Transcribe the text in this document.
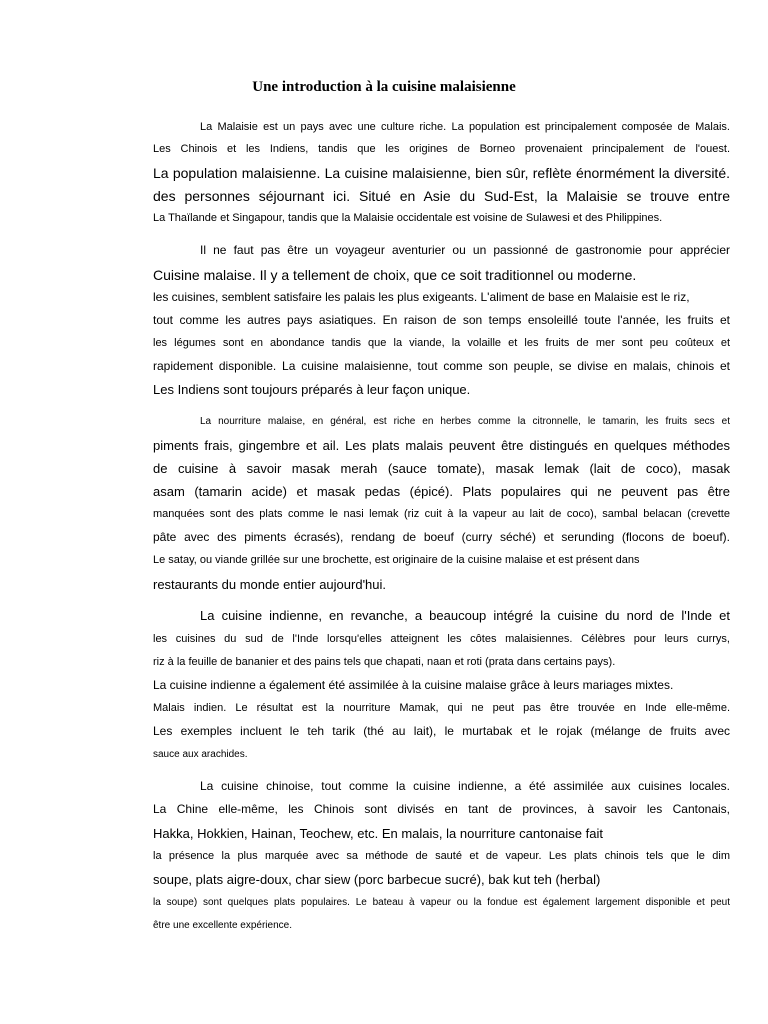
Une introduction à la cuisine malaisienne
La Malaisie est un pays avec une culture riche. La population est principalement composée de Malais.
Les Chinois et les Indiens, tandis que les origines de Borneo provenaient principalement de l'ouest.
La population malaisienne. La cuisine malaisienne, bien sûr, reflète énormément la diversité.
des personnes séjournant ici. Situé en Asie du Sud-Est, la Malaisie se trouve entre
La Thaïlande et Singapour, tandis que la Malaisie occidentale est voisine de Sulawesi et des Philippines.
Il ne faut pas être un voyageur aventurier ou un passionné de gastronomie pour apprécier
Cuisine malaise. Il y a tellement de choix, que ce soit traditionnel ou moderne.
les cuisines, semblent satisfaire les palais les plus exigeants. L'aliment de base en Malaisie est le riz,
tout comme les autres pays asiatiques. En raison de son temps ensoleillé toute l'année, les fruits et
les légumes sont en abondance tandis que la viande, la volaille et les fruits de mer sont peu coûteux et
rapidement disponible. La cuisine malaisienne, tout comme son peuple, se divise en malais, chinois et
Les Indiens sont toujours préparés à leur façon unique.
La nourriture malaise, en général, est riche en herbes comme la citronnelle, le tamarin, les fruits secs et
piments frais, gingembre et ail. Les plats malais peuvent être distingués en quelques méthodes
de cuisine à savoir masak merah (sauce tomate), masak lemak (lait de coco), masak
asam (tamarin acide) et masak pedas (épicé). Plats populaires qui ne peuvent pas être
manquées sont des plats comme le nasi lemak (riz cuit à la vapeur au lait de coco), sambal belacan (crevette
pâte avec des piments écrasés), rendang de boeuf (curry séché) et serunding (flocons de boeuf).
Le satay, ou viande grillée sur une brochette, est originaire de la cuisine malaise et est présent dans
restaurants du monde entier aujourd'hui.
La cuisine indienne, en revanche, a beaucoup intégré la cuisine du nord de l'Inde et
les cuisines du sud de l'Inde lorsqu'elles atteignent les côtes malaisiennes. Célèbres pour leurs currys,
riz à la feuille de bananier et des pains tels que chapati, naan et roti (prata dans certains pays).
La cuisine indienne a également été assimilée à la cuisine malaise grâce à leurs mariages mixtes.
Malais indien. Le résultat est la nourriture Mamak, qui ne peut pas être trouvée en Inde elle-même.
Les exemples incluent le teh tarik (thé au lait), le murtabak et le rojak (mélange de fruits avec
sauce aux arachides.
La cuisine chinoise, tout comme la cuisine indienne, a été assimilée aux cuisines locales.
La Chine elle-même, les Chinois sont divisés en tant de provinces, à savoir les Cantonais,
Hakka, Hokkien, Hainan, Teochew, etc. En malais, la nourriture cantonaise fait
la présence la plus marquée avec sa méthode de sauté et de vapeur. Les plats chinois tels que le dim
soupe, plats aigre-doux, char siew (porc barbecue sucré), bak kut teh (herbal)
la soupe) sont quelques plats populaires. Le bateau à vapeur ou la fondue est également largement disponible et peut
être une excellente expérience.
